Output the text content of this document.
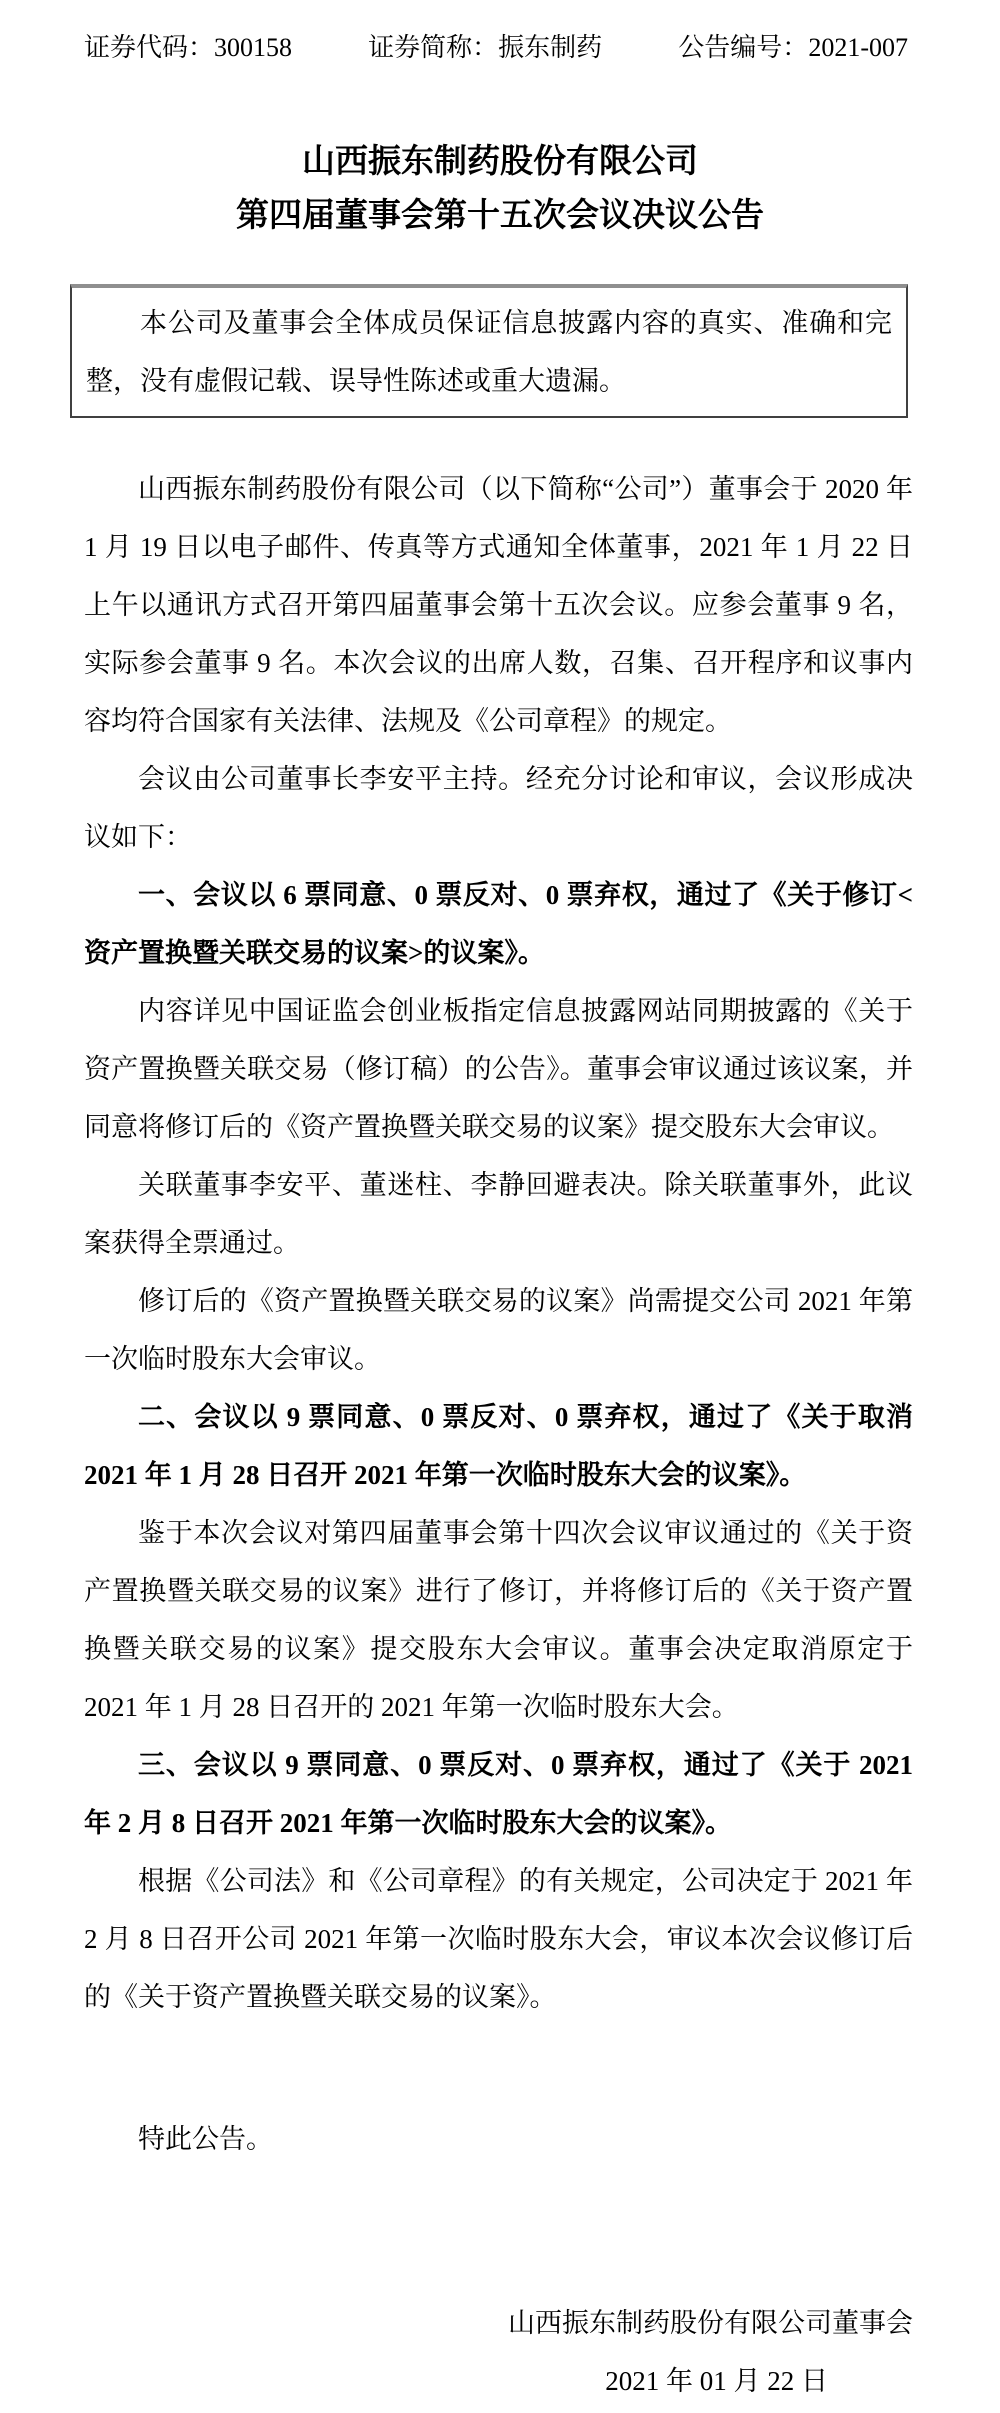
证券代码：300158	证券简称：振东制药	公告编号：2021-007
山西振东制药股份有限公司
第四届董事会第十五次会议决议公告

本公司及董事会全体成员保证信息披露内容的真实、准确和完整，没有虚假记载、误导性陈述或重大遗漏。

山西振东制药股份有限公司（以下简称“公司”）董事会于 2020 年 1 月 19 日以电子邮件、传真等方式通知全体董事，2021 年 1 月 22 日上午以通讯方式召开第四届董事会第十五次会议。应参会董事 9 名，实际参会董事 9 名。本次会议的出席人数，召集、召开程序和议事内容均符合国家有关法律、法规及《公司章程》的规定。

会议由公司董事长李安平主持。经充分讨论和审议，会议形成决议如下：

一、会议以 6 票同意、0 票反对、0 票弃权，通过了《关于修订<资产置换暨关联交易的议案>的议案》。

内容详见中国证监会创业板指定信息披露网站同期披露的《关于资产置换暨关联交易（修订稿）的公告》。董事会审议通过该议案，并同意将修订后的《资产置换暨关联交易的议案》提交股东大会审议。

关联董事李安平、董迷柱、李静回避表决。除关联董事外，此议案获得全票通过。

修订后的《资产置换暨关联交易的议案》尚需提交公司 2021 年第一次临时股东大会审议。

二、会议以 9 票同意、0 票反对、0 票弃权，通过了《关于取消 2021 年 1 月 28 日召开 2021 年第一次临时股东大会的议案》。

鉴于本次会议对第四届董事会第十四次会议审议通过的《关于资产置换暨关联交易的议案》进行了修订，并将修订后的《关于资产置换暨关联交易的议案》提交股东大会审议。董事会决定取消原定于 2021 年 1 月 28 日召开的 2021 年第一次临时股东大会。

三、会议以 9 票同意、0 票反对、0 票弃权，通过了《关于 2021 年 2 月 8 日召开 2021 年第一次临时股东大会的议案》。

根据《公司法》和《公司章程》的有关规定，公司决定于 2021 年 2 月 8 日召开公司 2021 年第一次临时股东大会，审议本次会议修订后的《关于资产置换暨关联交易的议案》。

特此公告。

山西振东制药股份有限公司董事会
2021 年 01 月 22 日
